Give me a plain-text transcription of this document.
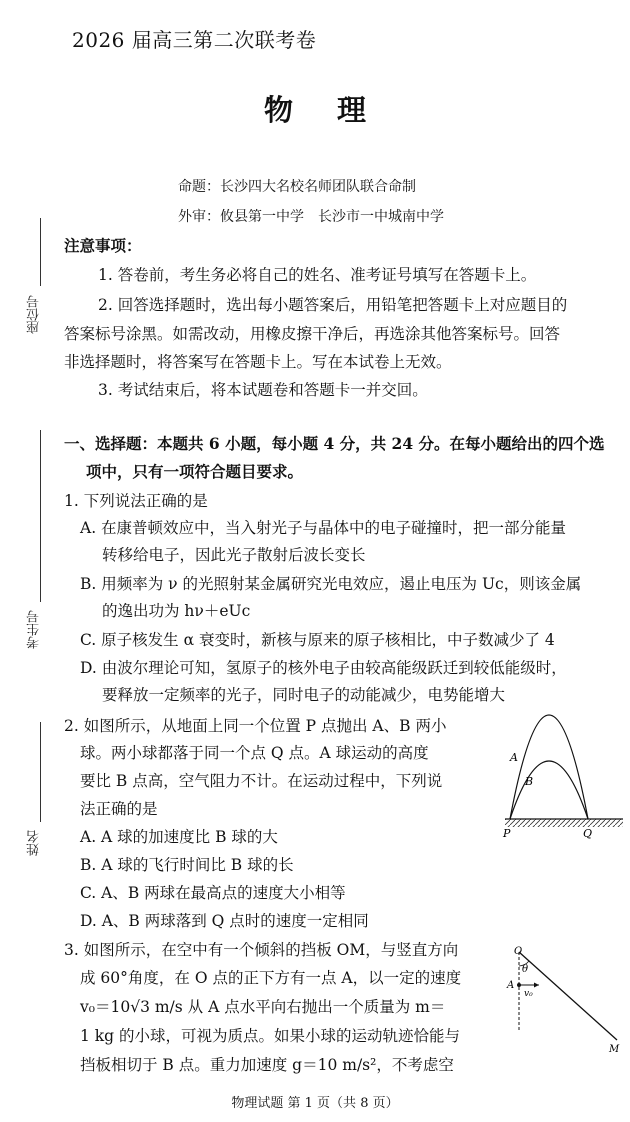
2026 届高三第二次联考卷
物理
命题：长沙四大名校名师团队联合命制
外审：攸县第一中学　长沙市一中城南中学
座位号
考生号
姓名
注意事项：
1. 答卷前，考生务必将自己的姓名、准考证号填写在答题卡上。
2. 回答选择题时，选出每小题答案后，用铅笔把答题卡上对应题目的
答案标号涂黑。如需改动，用橡皮擦干净后，再选涂其他答案标号。回答
非选择题时，将答案写在答题卡上。写在本试卷上无效。
3. 考试结束后，将本试题卷和答题卡一并交回。
一、选择题：本题共 6 小题，每小题 4 分，共 24 分。在每小题给出的四个选
项中，只有一项符合题目要求。
1. 下列说法正确的是
A. 在康普顿效应中，当入射光子与晶体中的电子碰撞时，把一部分能量
转移给电子，因此光子散射后波长变长
B. 用频率为 ν 的光照射某金属研究光电效应，遏止电压为 Uc，则该金属
的逸出功为 hν＋eUc
C. 原子核发生 α 衰变时，新核与原来的原子核相比，中子数减少了 4
D. 由波尔理论可知，氢原子的核外电子由较高能级跃迁到较低能级时，
要释放一定频率的光子，同时电子的动能减少，电势能增大
2. 如图所示，从地面上同一个位置 P 点抛出 A、B 两小
球。两小球都落于同一个点 Q 点。A 球运动的高度
要比 B 点高，空气阻力不计。在运动过程中，下列说
法正确的是
A. A 球的加速度比 B 球的大
B. A 球的飞行时间比 B 球的长
C. A、B 两球在最高点的速度大小相等
D. A、B 两球落到 Q 点时的速度一定相同
A
B
P	Q
3. 如图所示，在空中有一个倾斜的挡板 OM，与竖直方向
成 60°角度，在 O 点的正下方有一点 A，以一定的速度
v₀＝10√3 m/s 从 A 点水平向右抛出一个质量为 m＝
1 kg 的小球，可视为质点。如果小球的运动轨迹恰能与
挡板相切于 B 点。重力加速度 g＝10 m/s²，不考虑空
O
θ
A
v₀
M
物理试题 第 1 页（共 8 页）
